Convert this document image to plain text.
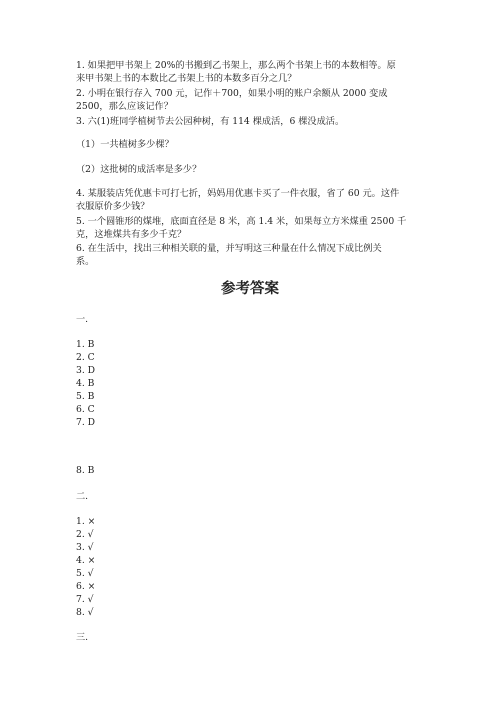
1. 如果把甲书架上 20%的书搬到乙书架上，那么两个书架上书的本数相等。原
来甲书架上书的本数比乙书架上书的本数多百分之几？
2. 小明在银行存入 700 元，记作＋700，如果小明的账户余额从 2000 变成
2500，那么应该记作？
3. 六(1)班同学植树节去公园种树，有 114 棵成活，6 棵没成活。
（1）一共植树多少棵？
（2）这批树的成活率是多少？
4. 某服装店凭优惠卡可打七折，妈妈用优惠卡买了一件衣服，省了 60 元。这件
衣服原价多少钱？
5. 一个圆锥形的煤堆，底面直径是 8 米，高 1.4 米，如果每立方米煤重 2500 千
克，这堆煤共有多少千克？
6. 在生活中，找出三种相关联的量，并写明这三种量在什么情况下成比例关
系。
参考答案
一.
1. B
2. C
3. D
4. B
5. B
6. C
7. D
8. B
二.
1. ×
2. √
3. √
4. ×
5. √
6. ×
7. √
8. √
三.
